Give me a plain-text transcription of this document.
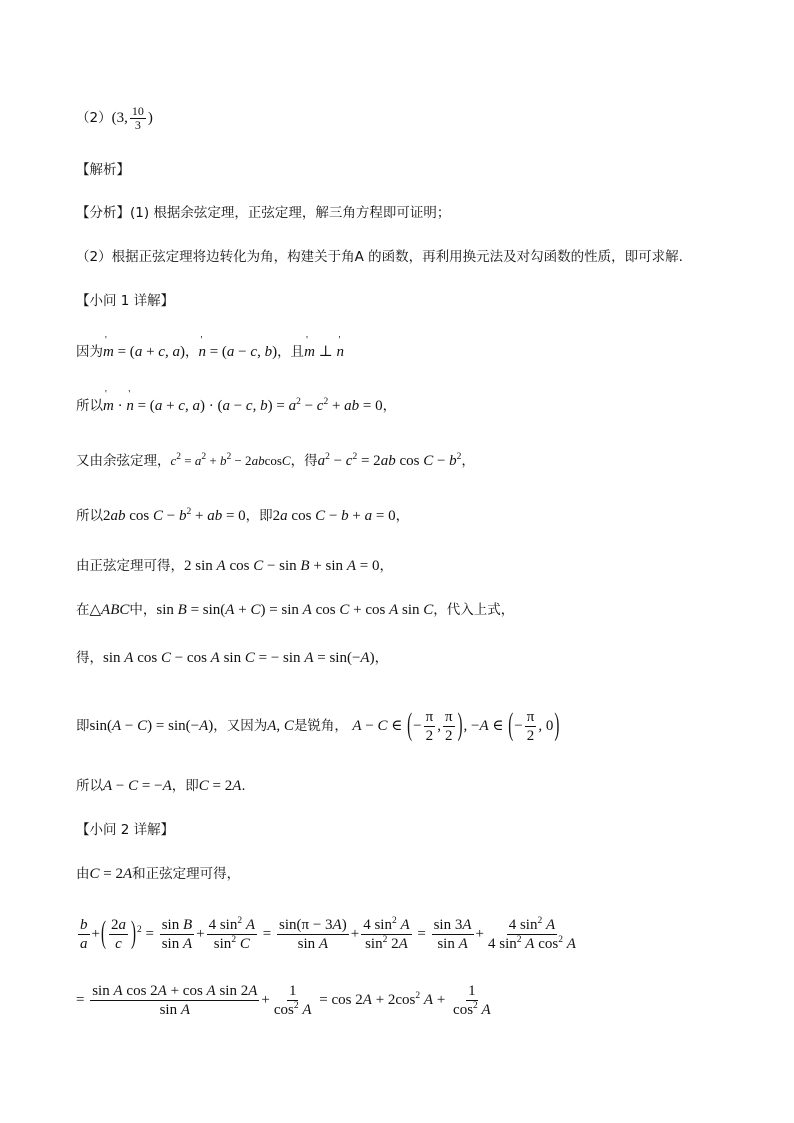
（2）(3, $\frac{10}{3}$ )
【解析】
【分析】(1) 根据余弦定理，正弦定理，解三角方程即可证明；
（2）根据正弦定理将边转化为角，构建关于角A 的函数，再利用换元法及对勾函数的性质，即可求解.
【小问 1 详解】
因为' m = (a + c, a)，' n = (a − c, b)，且' m ⊥ ' n
所以' m · ' n = (a + c, a) · (a − c, $b) = a^2 - c^2$ + ab = 0，
又由余弦定理，$c^2 = a^2 + b^2 - 2abcosC$，得$a^2 - c^2 = 2ab$ $\cos C - b^2$，
所以2ab $\cos C - b^2$ + ab = 0，即2a cos C − b + a = 0，
由正弦定理可得，2 sin A cos C − sin B + sin A = 0，
在△ABC中，sin B = sin(A + C) = sin A cos C + cos A sin C，代入上式，
得，sin A cos C − cos A sin C = − sin A = sin(−A)，
即sin(A − C) = sin(−A)，又因为A, C是锐角， A − C ∈ (− $\frac{\pi}{2}$ , $\frac{\pi}{2}$ ), −A ∈ (− $\frac{\pi}{2}$ , 0)
所以A − C = −A，即C = 2A.
【小问 2 详解】
由C = 2A和正弦定理可得，
$\frac{b}{a}$ +( $\frac{2a}{c} )^2 = \frac{\text{sin B}}{\text{sin A}} + \frac{4 \sin^2 A}{\sin^2 C} = \frac{\sin(\pi - 3A)}{\text{sin A}} + \frac{4 \sin^2 A}{\sin^2 2A} = \frac{\sin 3A}{\text{sin A}} + \frac{4 \sin^2 A}{4 \sin^2 A \cos^2 A}$
= $\frac{\text{sin A cos 2A + cos A sin 2A}}{\text{sin A}} + \frac{1}{\cos^2 A} = \cos 2A + 2\cos^2$ $A + \frac{1}{\cos^2 A}$
